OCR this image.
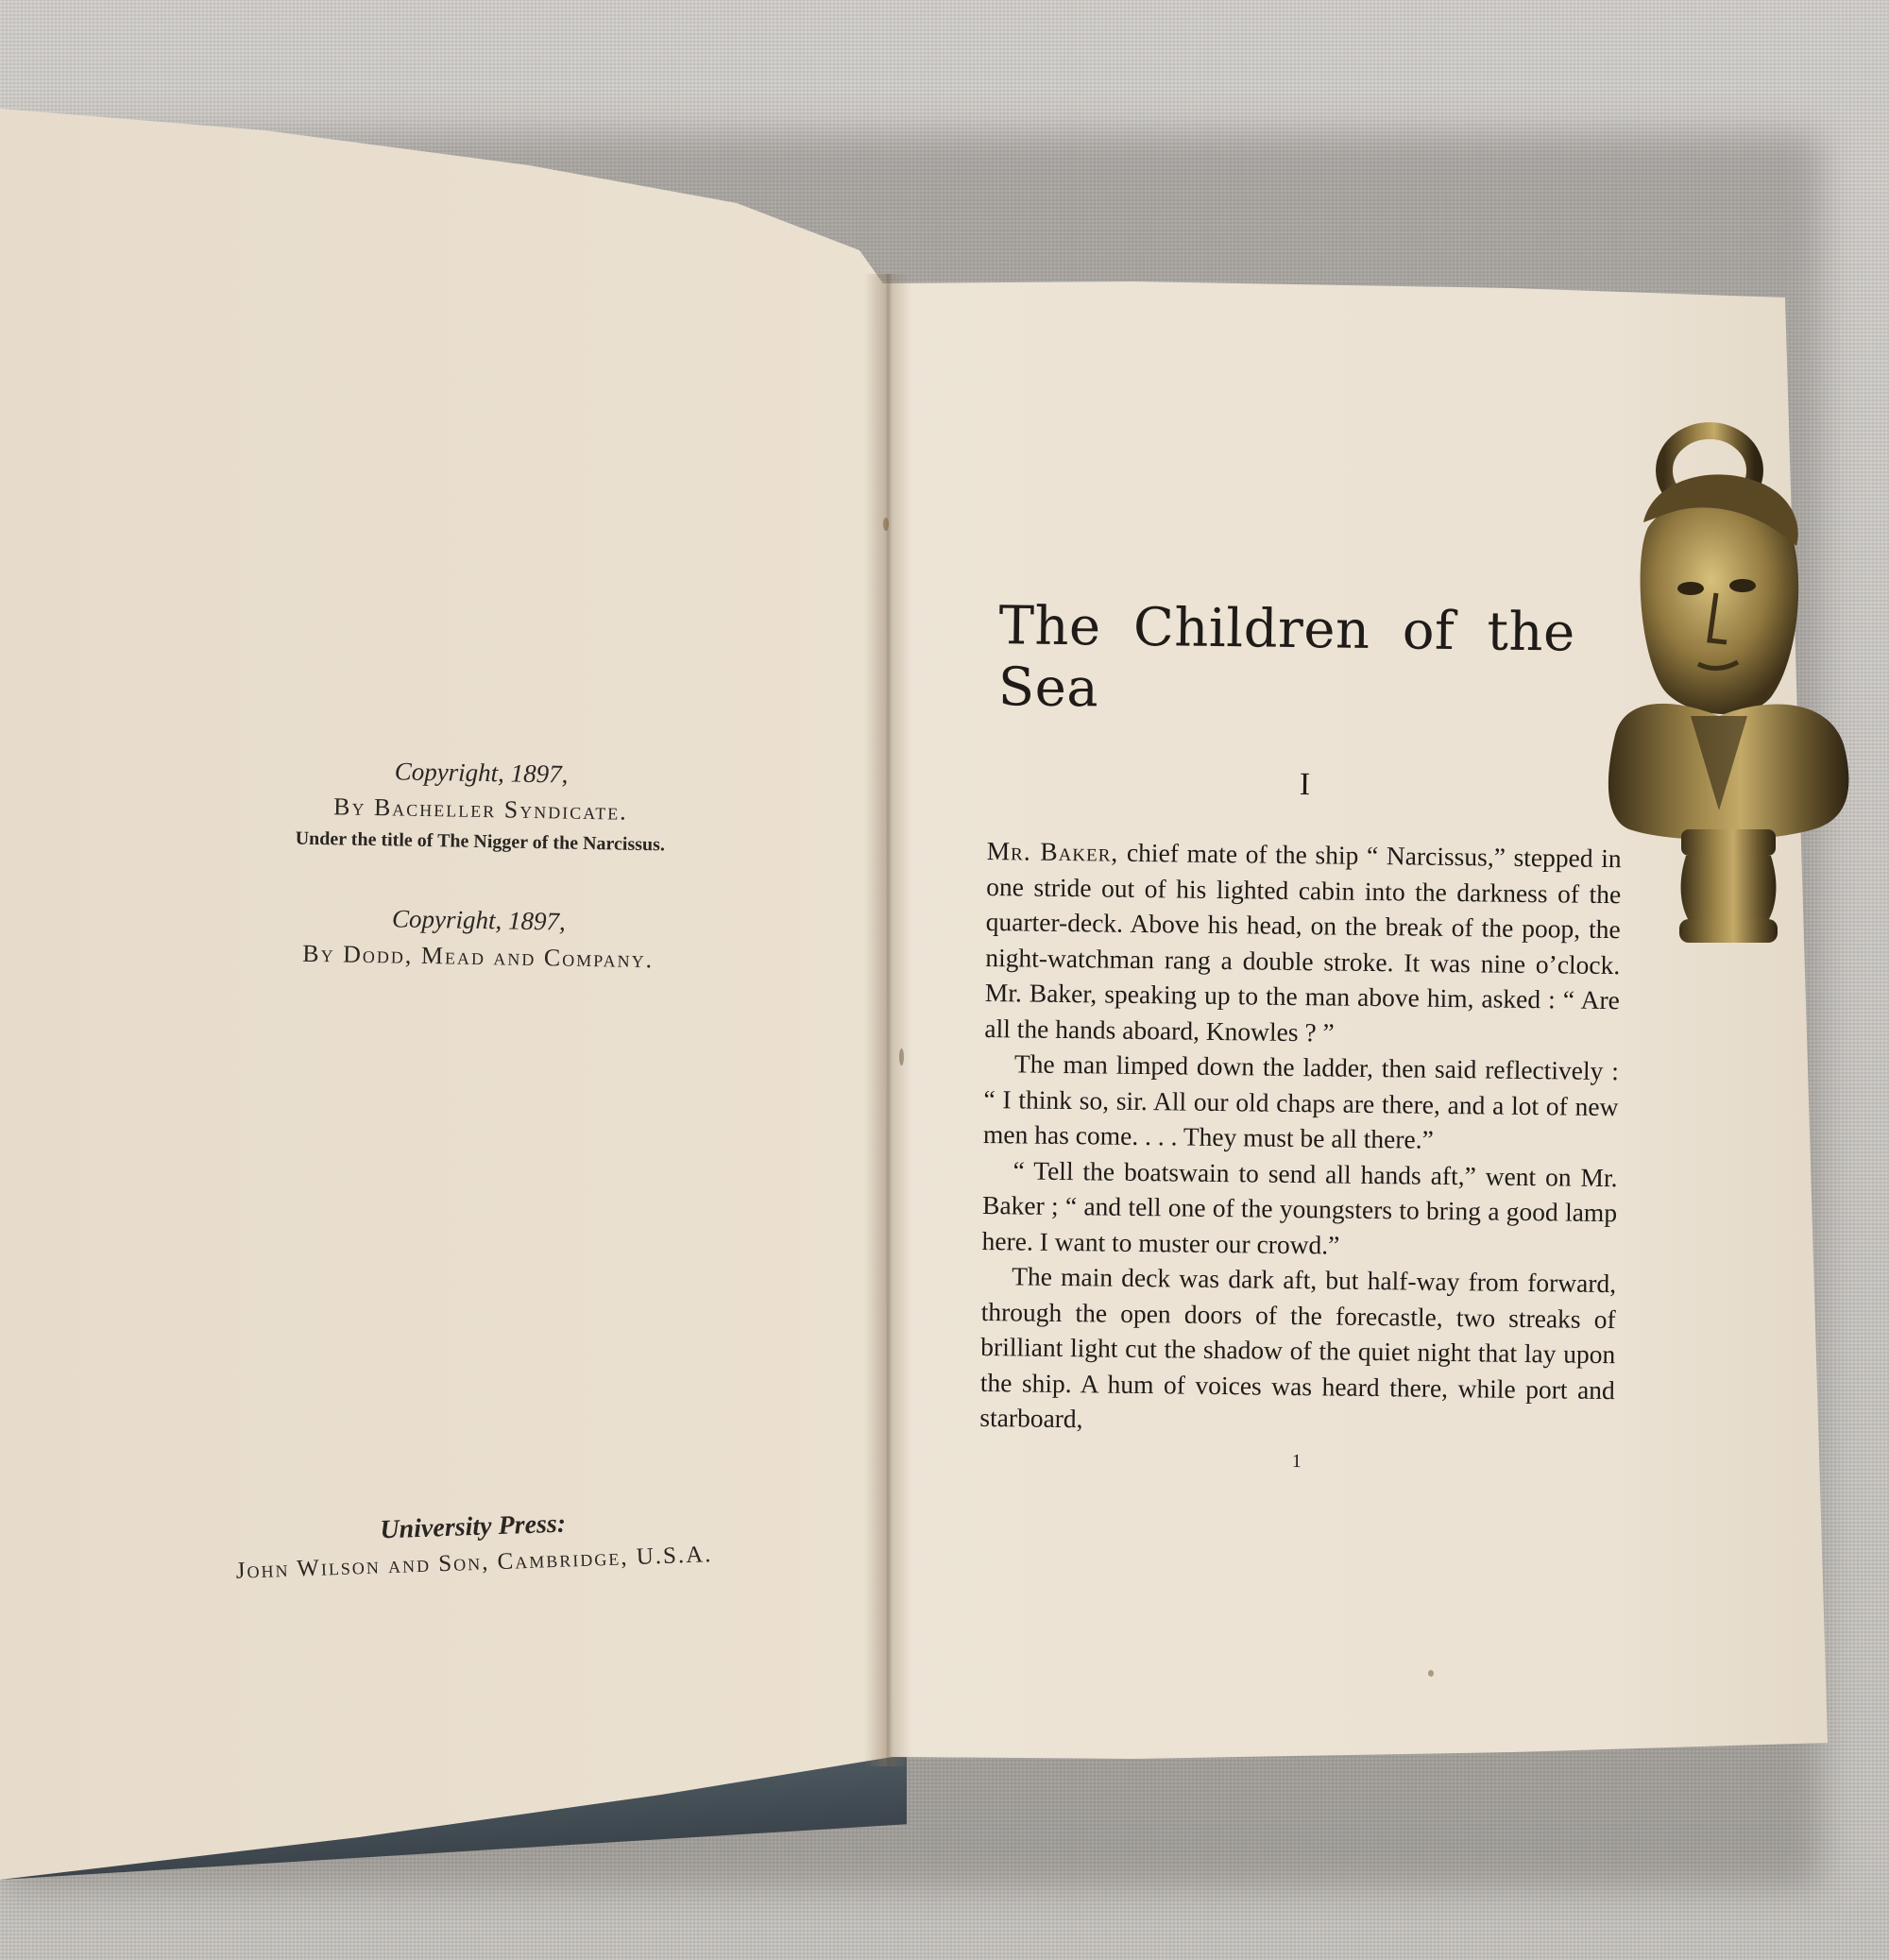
Copyright, 1897,
By Bacheller Syndicate.
Under the title of The Nigger of the Narcissus.
Copyright, 1897,
By Dodd, Mead and Company.
University Press:
John Wilson and Son, Cambridge, U.S.A.
The Children of the Sea
I

Mr. Baker, chief mate of the ship “ Narcissus,” stepped in one stride out of his lighted cabin into the darkness of the quarter-deck. Above his head, on the break of the poop, the night-watchman rang a double stroke. It was nine o’clock. Mr. Baker, speaking up to the man above him, asked : “ Are all the hands aboard, Knowles ? ”

The man limped down the ladder, then said reflectively : “ I think so, sir. All our old chaps are there, and a lot of new men has come. . . . They must be all there.”

“ Tell the boatswain to send all hands aft,” went on Mr. Baker ; “ and tell one of the youngsters to bring a good lamp here. I want to muster our crowd.”

The main deck was dark aft, but half-way from forward, through the open doors of the forecastle, two streaks of brilliant light cut the shadow of the quiet night that lay upon the ship. A hum of voices was heard there, while port and starboard,

1
